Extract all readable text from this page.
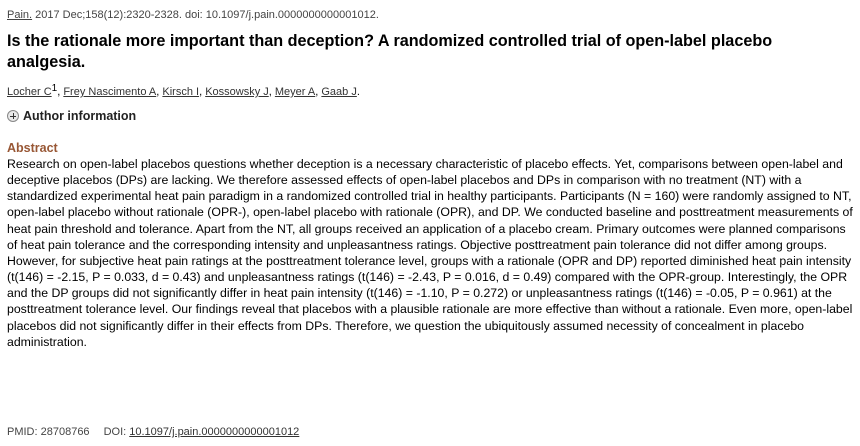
Pain. 2017 Dec;158(12):2320-2328. doi: 10.1097/j.pain.0000000000001012.
Is the rationale more important than deception? A randomized controlled trial of open-label placebo analgesia.
Locher $C^1$, Frey Nascimento A, Kirsch I, Kossowsky J, Meyer A, Gaab J.
Author information
Abstract

Research on open-label placebos questions whether deception is a necessary characteristic of placebo effects. Yet, comparisons between open-label and deceptive placebos (DPs) are lacking. We therefore assessed effects of open-label placebos and DPs in comparison with no treatment (NT) with a standardized experimental heat pain paradigm in a randomized controlled trial in healthy participants. Participants (N = 160) were randomly assigned to NT, open-label placebo without rationale (OPR-), open-label placebo with rationale (OPR), and DP. We conducted baseline and posttreatment measurements of heat pain threshold and tolerance. Apart from the NT, all groups received an application of a placebo cream. Primary outcomes were planned comparisons of heat pain tolerance and the corresponding intensity and unpleasantness ratings. Objective posttreatment pain tolerance did not differ among groups. However, for subjective heat pain ratings at the posttreatment tolerance level, groups with a rationale (OPR and DP) reported diminished heat pain intensity (t(146) = -2.15, P = 0.033, d = 0.43) and unpleasantness ratings (t(146) = -2.43, P = 0.016, d = 0.49) compared with the OPR-group. Interestingly, the OPR and the DP groups did not significantly differ in heat pain intensity (t(146) = -1.10, P = 0.272) or unpleasantness ratings (t(146) = -0.05, P = 0.961) at the posttreatment tolerance level. Our findings reveal that placebos with a plausible rationale are more effective than without a rationale. Even more, open-label placebos did not significantly differ in their effects from DPs. Therefore, we question the ubiquitously assumed necessity of concealment in placebo administration.

PMID: 28708766 DOI: 10.1097/j.pain.0000000000001012
